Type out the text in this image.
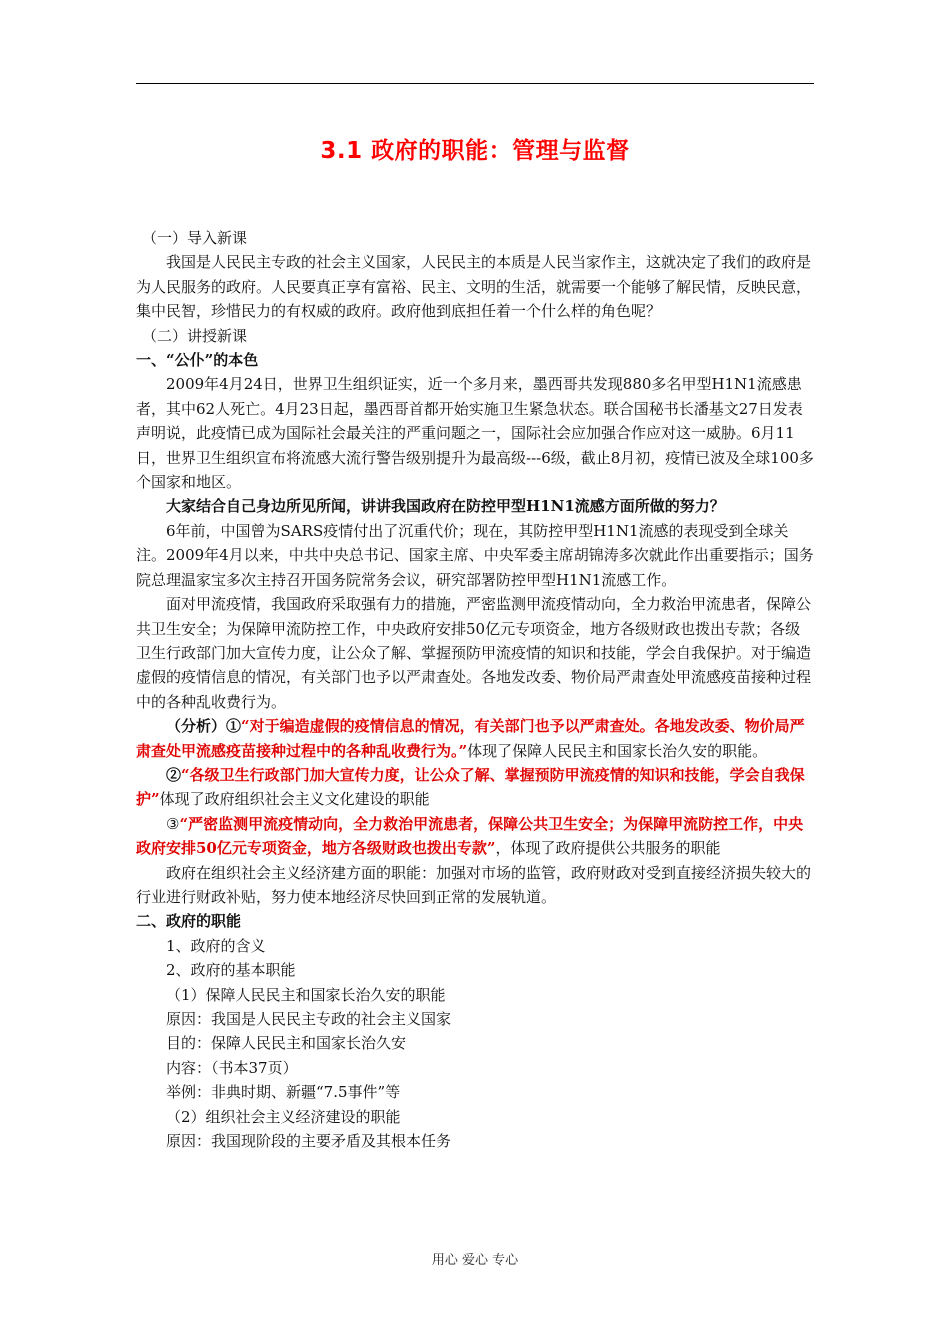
3.1 政府的职能：管理与监督

（一）导入新课

我国是人民民主专政的社会主义国家，人民民主的本质是人民当家作主，这就决定了我们的政府是为人民服务的政府。人民要真正享有富裕、民主、文明的生活，就需要一个能够了解民情，反映民意，集中民智，珍惜民力的有权威的政府。政府他到底担任着一个什么样的角色呢？

（二）讲授新课

一、“公仆”的本色

2009年4月24日，世界卫生组织证实，近一个多月来，墨西哥共发现880多名甲型H1N1流感患者，其中62人死亡。4月23日起，墨西哥首都开始实施卫生紧急状态。联合国秘书长潘基文27日发表声明说，此疫情已成为国际社会最关注的严重问题之一，国际社会应加强合作应对这一威胁。6月11日，世界卫生组织宣布将流感大流行警告级别提升为最高级---6级，截止8月初，疫情已波及全球100多个国家和地区。

大家结合自己身边所见所闻，讲讲我国政府在防控甲型H1N1流感方面所做的努力？

6年前，中国曾为SARS疫情付出了沉重代价；现在，其防控甲型H1N1流感的表现受到全球关注。2009年4月以来，中共中央总书记、国家主席、中央军委主席胡锦涛多次就此作出重要指示；国务院总理温家宝多次主持召开国务院常务会议，研究部署防控甲型H1N1流感工作。

面对甲流疫情，我国政府采取强有力的措施，严密监测甲流疫情动向，全力救治甲流患者，保障公共卫生安全；为保障甲流防控工作，中央政府安排50亿元专项资金，地方各级财政也拨出专款；各级卫生行政部门加大宣传力度，让公众了解、掌握预防甲流疫情的知识和技能，学会自我保护。对于编造虚假的疫情信息的情况，有关部门也予以严肃查处。各地发改委、物价局严肃查处甲流感疫苗接种过程中的各种乱收费行为。

（分析）①“对于编造虚假的疫情信息的情况，有关部门也予以严肃查处。各地发改委、物价局严肃查处甲流感疫苗接种过程中的各种乱收费行为。”体现了保障人民民主和国家长治久安的职能。

②“各级卫生行政部门加大宣传力度，让公众了解、掌握预防甲流疫情的知识和技能，学会自我保护”体现了政府组织社会主义文化建设的职能

③“严密监测甲流疫情动向，全力救治甲流患者，保障公共卫生安全；为保障甲流防控工作，中央政府安排50亿元专项资金，地方各级财政也拨出专款”，体现了政府提供公共服务的职能

政府在组织社会主义经济建方面的职能：加强对市场的监管，政府财政对受到直接经济损失较大的行业进行财政补贴，努力使本地经济尽快回到正常的发展轨道。

二、政府的职能

1、政府的含义

2、政府的基本职能

（1）保障人民民主和国家长治久安的职能

原因：我国是人民民主专政的社会主义国家

目的：保障人民民主和国家长治久安

内容：（书本37页）

举例：非典时期、新疆“7.5事件”等

（2）组织社会主义经济建设的职能

原因：我国现阶段的主要矛盾及其根本任务

用心 爱心 专心
